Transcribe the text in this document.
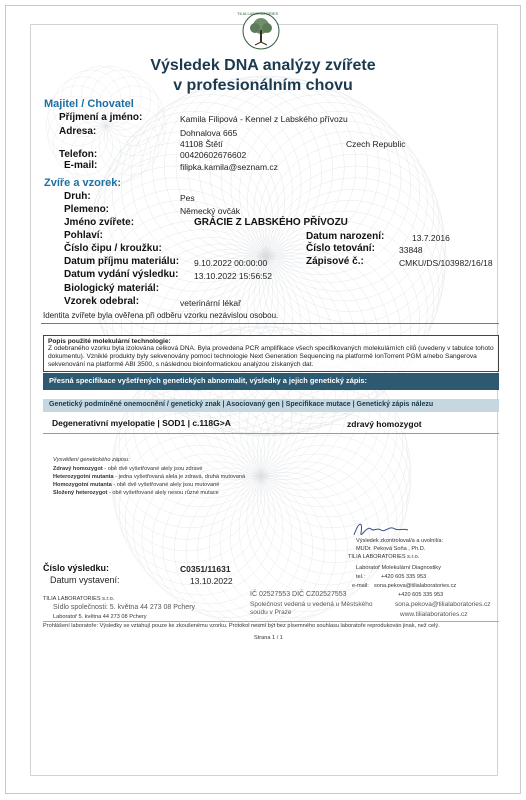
TILIA LABORATORIES
Výsledek DNA analýzy zvířete
v profesionálním chovu
Majitel / Chovatel
Příjmení a jméno:	Kamila Filipová - Kennel z Labského přívozu
Adresa:	Dohnalova 665
41108 Štětí	Czech Republic
Telefon:	00420602676602
E-mail:	filipka.kamila@seznam.cz
Zvíře a vzorek:
Druh:	Pes
Plemeno:	Německý ovčák
Jméno zvířete:	GRÁCIE Z LABSKÉHO PŘÍVOZU
Pohlaví:	Datum narození:	13.7.2016
Číslo čipu / kroužku:	Číslo tetování:	33848
Datum příjmu materiálu: 9.10.2022 00:00:00	Zápisové č.:	CMKU/DS/103982/16/18
Datum vydání výsledku: 13.10.2022 15:56:52
Biologický materiál:
Vzorek odebral:	veterinární lékař
Identita zvířete byla ověřena při odběru vzorku nezávislou osobou.
Popis použité molekulární technologie:
Z odebraného vzorku byla izolována celková DNA. Byla provedena PCR amplifikace všech specifikovaných molekulárních cílů (uvedeny v tabulce tohoto dokumentu). Vzniklé produkty byly sekvenovány pomocí technologie Next Generation Sequencing na platformě IonTorrent PGM a/nebo Sangerova sekvenování na platformě ABI 3500, s následnou bioinformatickou analýzou získaných dat.
Přesná specifikace vyšetřených genetických abnormalit, výsledky a jejich genetický zápis:
Genetický podmíněné onemocnění / genetický znak | Asociovaný gen | Specifikace mutace | Genetický zápis nálezu
Degenerativní myelopatie | SOD1 | c.118G>A	zdravý homozygot
Vysvětlení genetického zápisu:
Zdravý homozygot - obě dvě vyšetřované alely jsou zdravé
Heterozygotní mutanta - jedna vyšetřovaná alela je zdravá, druhá mutovaná
Homozygotní mutanta - obě dvě vyšetřované alely jsou mutované
Složený heterozygot - obě vyšetřované alely nesou různé mutace
Výsledek zkontroloval/a a uvolnil/a:
MUDr. Peková Soňa , Ph.D.
TILIA LABORATORIES s.r.o.
Laboratoř Molekulární Diagnostiky
tel.:	+420 605 335 953
e-mail: sona.pekova@tilialaboratories.cz
Číslo výsledku:	C0351/11631
Datum vystavení:	13.10.2022
TILIA LABORATORIES s.r.o.
Sídlo společnosti: 5. května 44 273 08 Pchery
Laboratoř 5. května 44 273 08 Pchery
IČ 02527553 DIČ CZ02527553
Společnost vedená u vedená u Městského soudu v Praze
+420 605 335 953
sona.pekova@tilialaboratories.cz
www.tilialaboratories.cz
Prohlášení laboratoře: Výsledky se vztahují pouze ke zkoušenému vzorku. Protokol nesmí být bez písemného souhlasu laboratoře reprodukován jinak, než celý.
Strana 1 / 1
